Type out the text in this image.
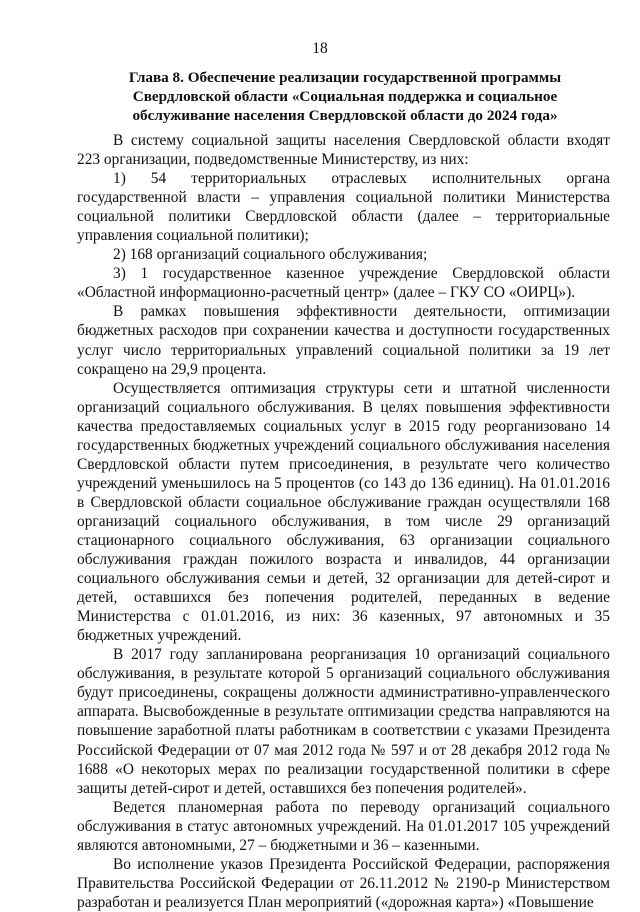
18
Глава 8. Обеспечение реализации государственной программы
Свердловской области «Социальная поддержка и социальное
обслуживание населения Свердловской области до 2024 года»

В систему социальной защиты населения Свердловской области входят 223 организации, подведомственные Министерству, из них:

1) 54 территориальных отраслевых исполнительных органа государственной власти – управления социальной политики Министерства социальной политики Свердловской области (далее – территориальные управления социальной политики);

2) 168 организаций социального обслуживания;

3) 1 государственное казенное учреждение Свердловской области «Областной информационно-расчетный центр» (далее – ГКУ СО «ОИРЦ»).

В рамках повышения эффективности деятельности, оптимизации бюджетных расходов при сохранении качества и доступности государственных услуг число территориальных управлений социальной политики за 19 лет сокращено на 29,9 процента.

Осуществляется оптимизация структуры сети и штатной численности организаций социального обслуживания. В целях повышения эффективности качества предоставляемых социальных услуг в 2015 году реорганизовано 14 государственных бюджетных учреждений социального обслуживания населения Свердловской области путем присоединения, в результате чего количество учреждений уменьшилось на 5 процентов (со 143 до 136 единиц). На 01.01.2016 в Свердловской области социальное обслуживание граждан осуществляли 168 организаций социального обслуживания, в том числе 29 организаций стационарного социального обслуживания, 63 организации социального обслуживания граждан пожилого возраста и инвалидов, 44 организации социального обслуживания семьи и детей, 32 организации для детей-сирот и детей, оставшихся без попечения родителей, переданных в ведение Министерства с 01.01.2016, из них: 36 казенных, 97 автономных и 35 бюджетных учреждений.

В 2017 году запланирована реорганизация 10 организаций социального обслуживания, в результате которой 5 организаций социального обслуживания будут присоединены, сокращены должности административно-управленческого аппарата. Высвобожденные в результате оптимизации средства направляются на повышение заработной платы работникам в соответствии с указами Президента Российской Федерации от 07 мая 2012 года № 597 и от 28 декабря 2012 года № 1688 «О некоторых мерах по реализации государственной политики в сфере защиты детей-сирот и детей, оставшихся без попечения родителей».

Ведется планомерная работа по переводу организаций социального обслуживания в статус автономных учреждений. На 01.01.2017 105 учреждений являются автономными, 27 – бюджетными и 36 – казенными.

Во исполнение указов Президента Российской Федерации, распоряжения Правительства Российской Федерации от 26.11.2012 № 2190-р Министерством разработан и реализуется План мероприятий («дорожная карта») «Повышение
